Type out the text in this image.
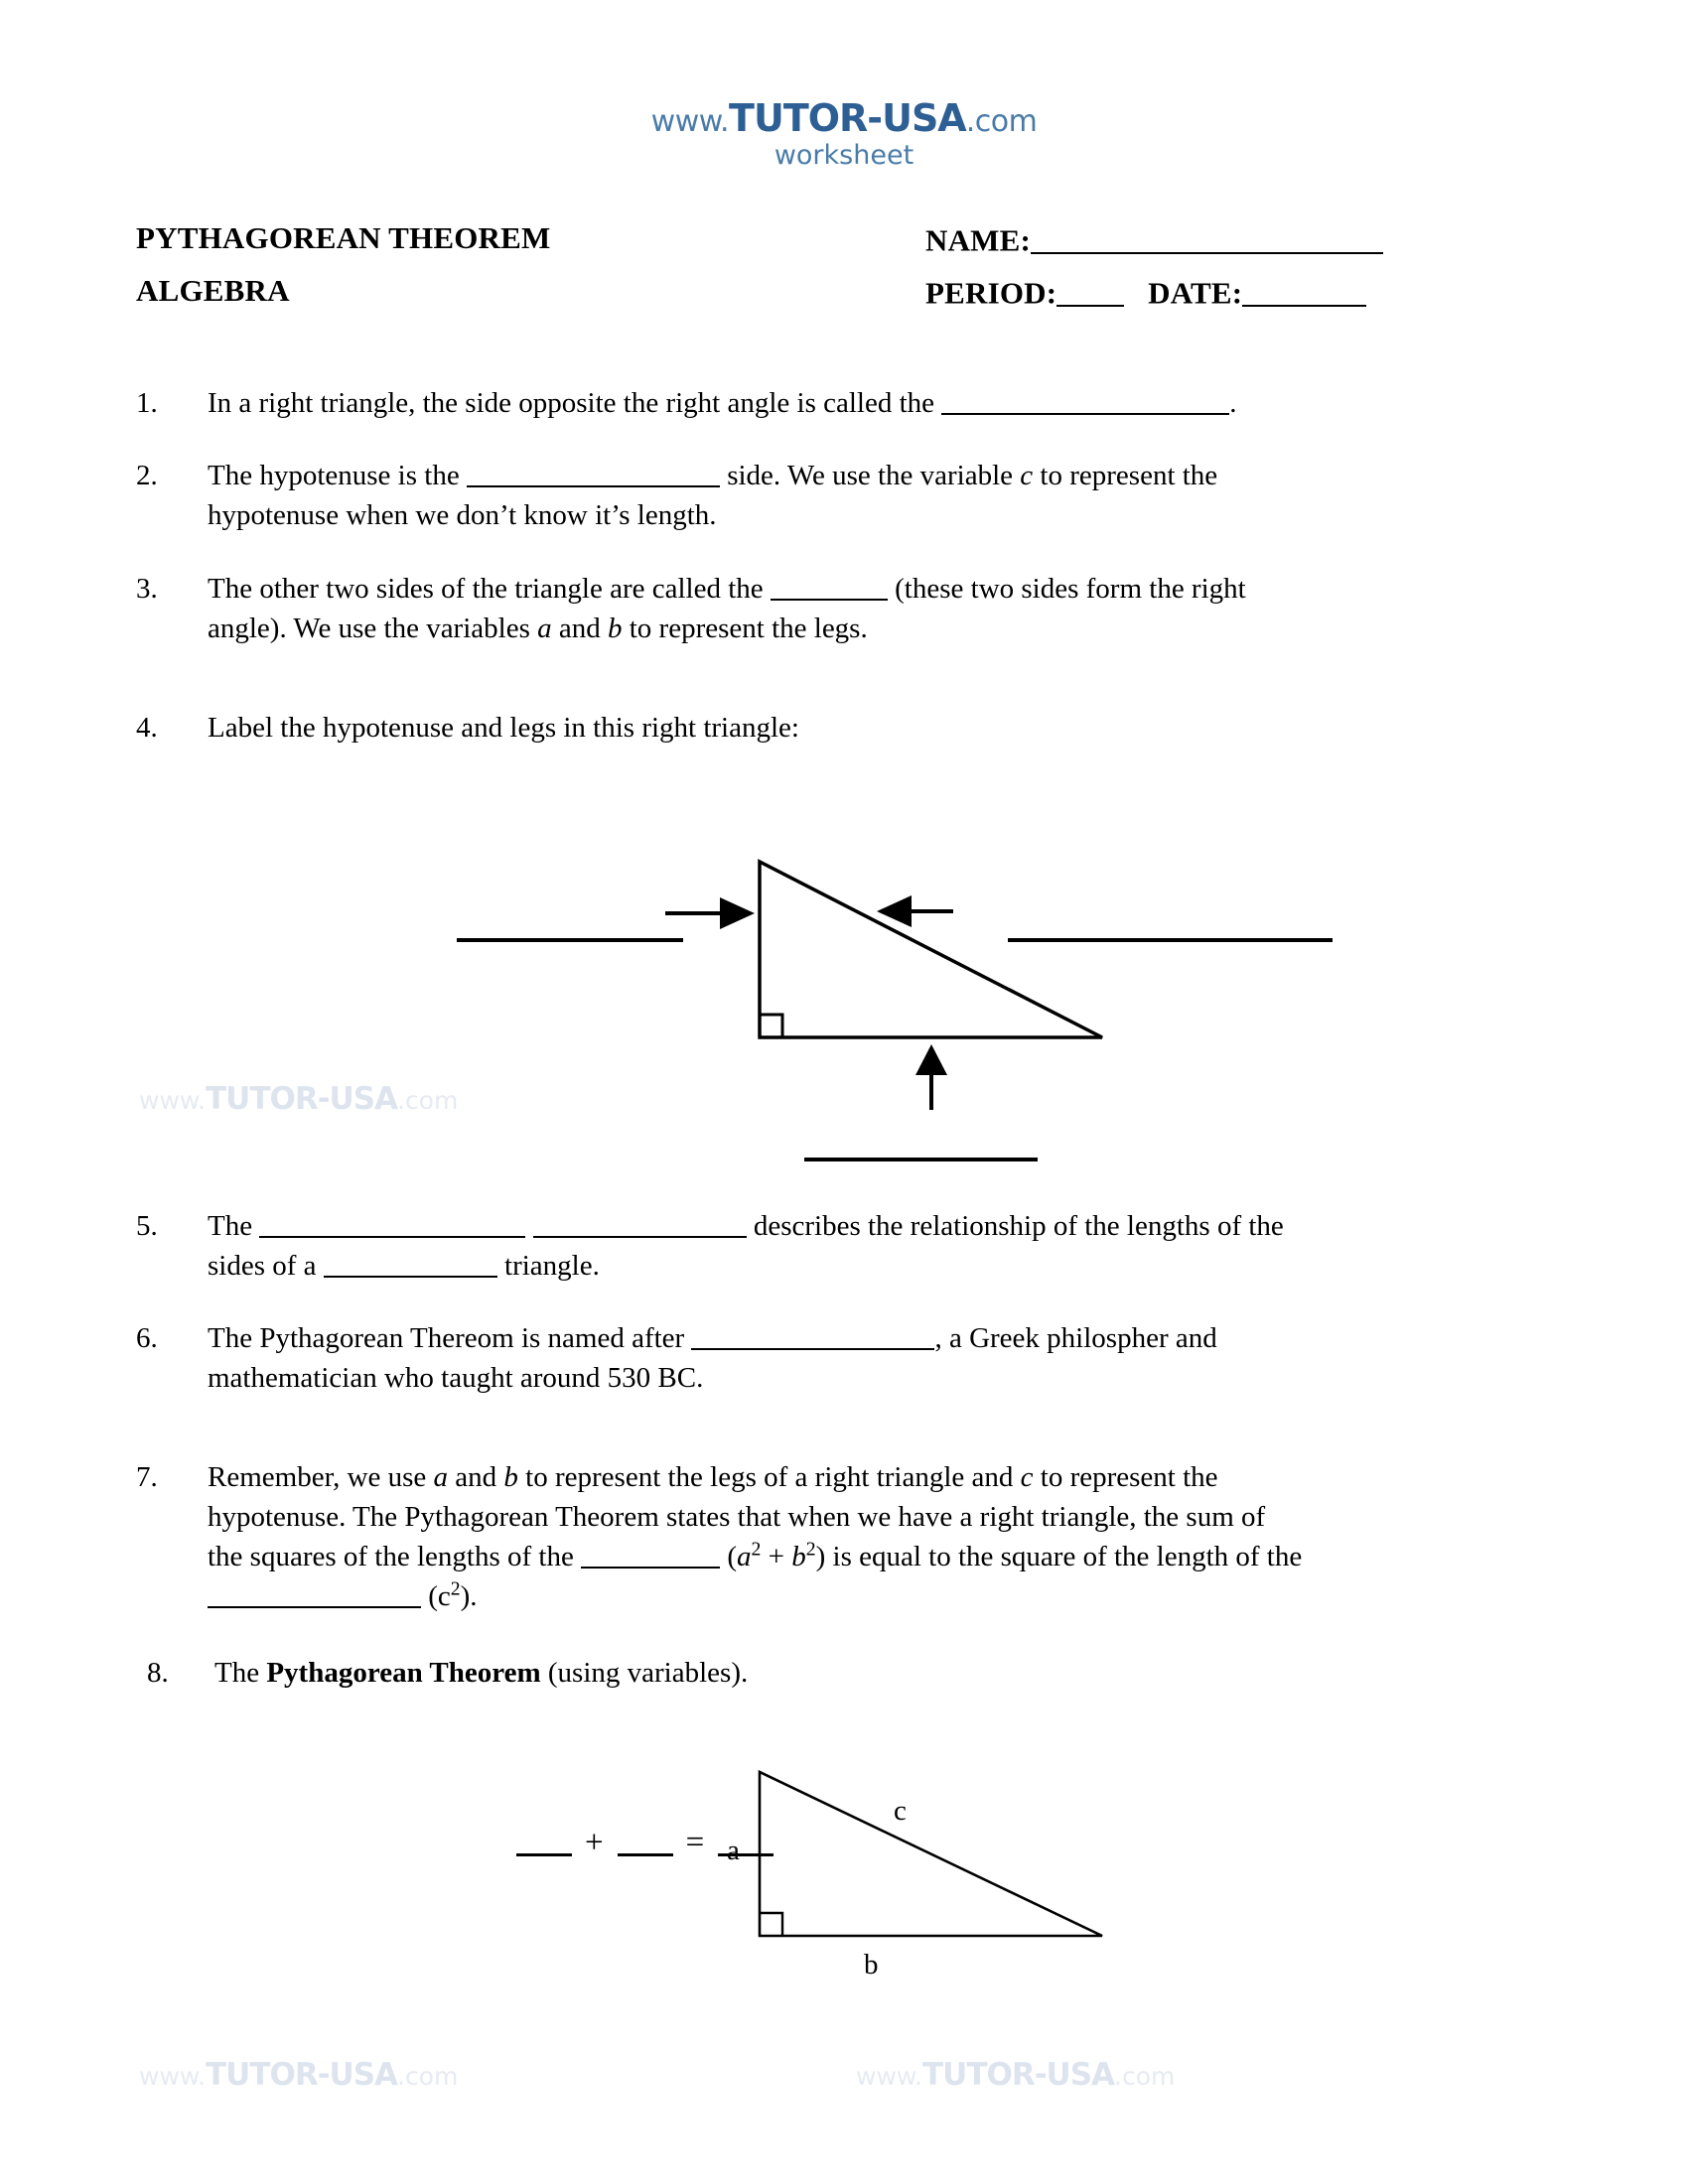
www.TUTOR-USA.com
worksheet
PYTHAGOREAN THEOREM
ALGEBRA
NAME:
PERIOD:	DATE:
1.	In a right triangle, the side opposite the right angle is called the	.
2.	The hypotenuse is the	side. We use the variable c to represent the
hypotenuse when we don’t know it’s length.
3.	The other two sides of the triangle are called the	(these two sides form the right
angle). We use the variables a and b to represent the legs.
4.	Label the hypotenuse and legs in this right triangle:
www.TUTOR-USA.com
5.	The	describes the relationship of the lengths of the
sides of a	triangle.
6.	The Pythagorean Thereom is named after	, a Greek philospher and
mathematician who taught around 530 BC.
7.	Remember, we use a and b to represent the legs of a right triangle and c to represent the
hypotenuse. The Pythagorean Theorem states that when we have a right triangle, the sum of
the squares of the lengths of the	$(a^2 + b^2)$ is equal to the square of the length of the
$(c^2)$.
8.	The Pythagorean Theorem (using variables).
+ = a
b
c
www.TUTOR-USA.com	www.TUTOR-USA.com
